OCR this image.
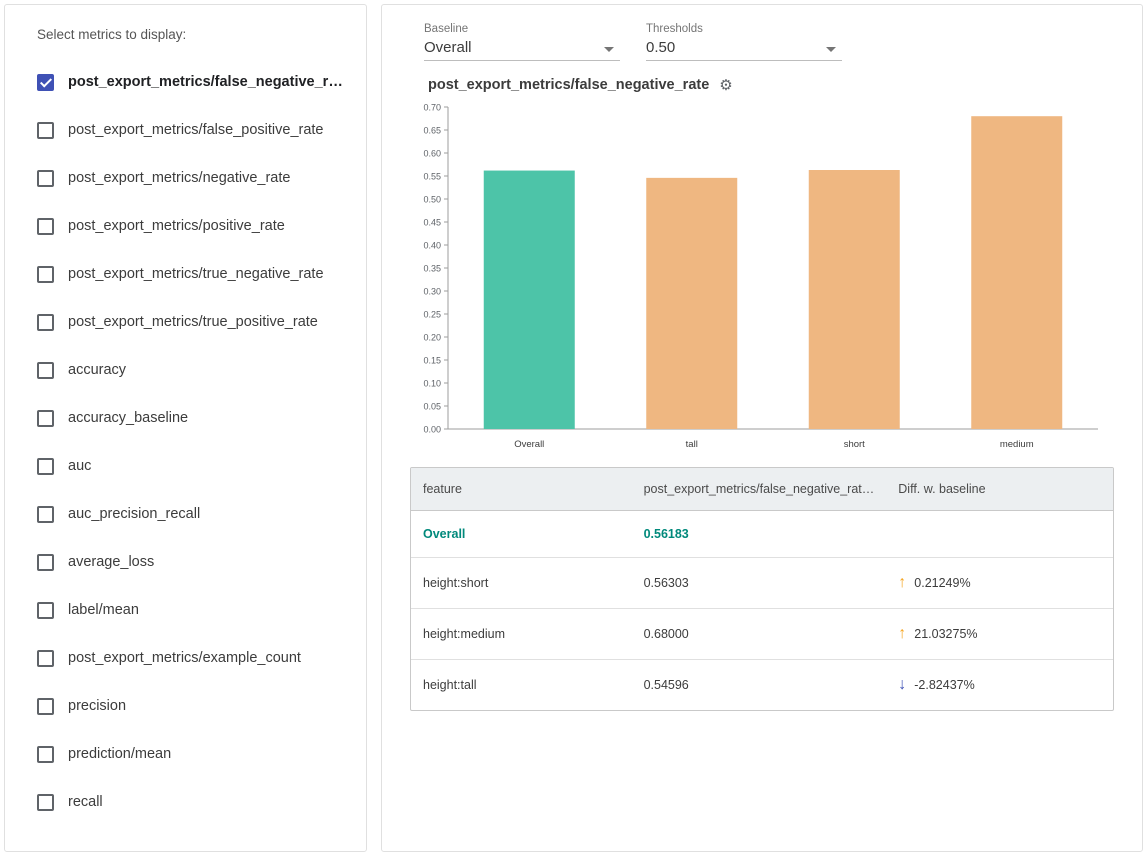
Select metrics to display:
post_export_metrics/false_negative_r…
post_export_metrics/false_positive_rate
post_export_metrics/negative_rate
post_export_metrics/positive_rate
post_export_metrics/true_negative_rate
post_export_metrics/true_positive_rate
accuracy
accuracy_baseline
auc
auc_precision_recall
average_loss
label/mean
post_export_metrics/example_count
precision
prediction/mean
recall
Baseline
Overall
Thresholds
0.50
post_export_metrics/false_negative_rate ⚙
0.70
0.65
0.60
0.55
0.50
0.45
0.40
0.35
0.30
0.25
0.20
0.15
0.10
0.05
0.00
Overall	tall	short	medium
feature	post_export_metrics/false_negative_rat…	Diff. w. baseline
Overall	0.56183	

height:short	0.56303	↑ 0.21249%

height:medium	0.68000	↑ 21.03275%

height:tall	0.54596	↓ -2.82437%
